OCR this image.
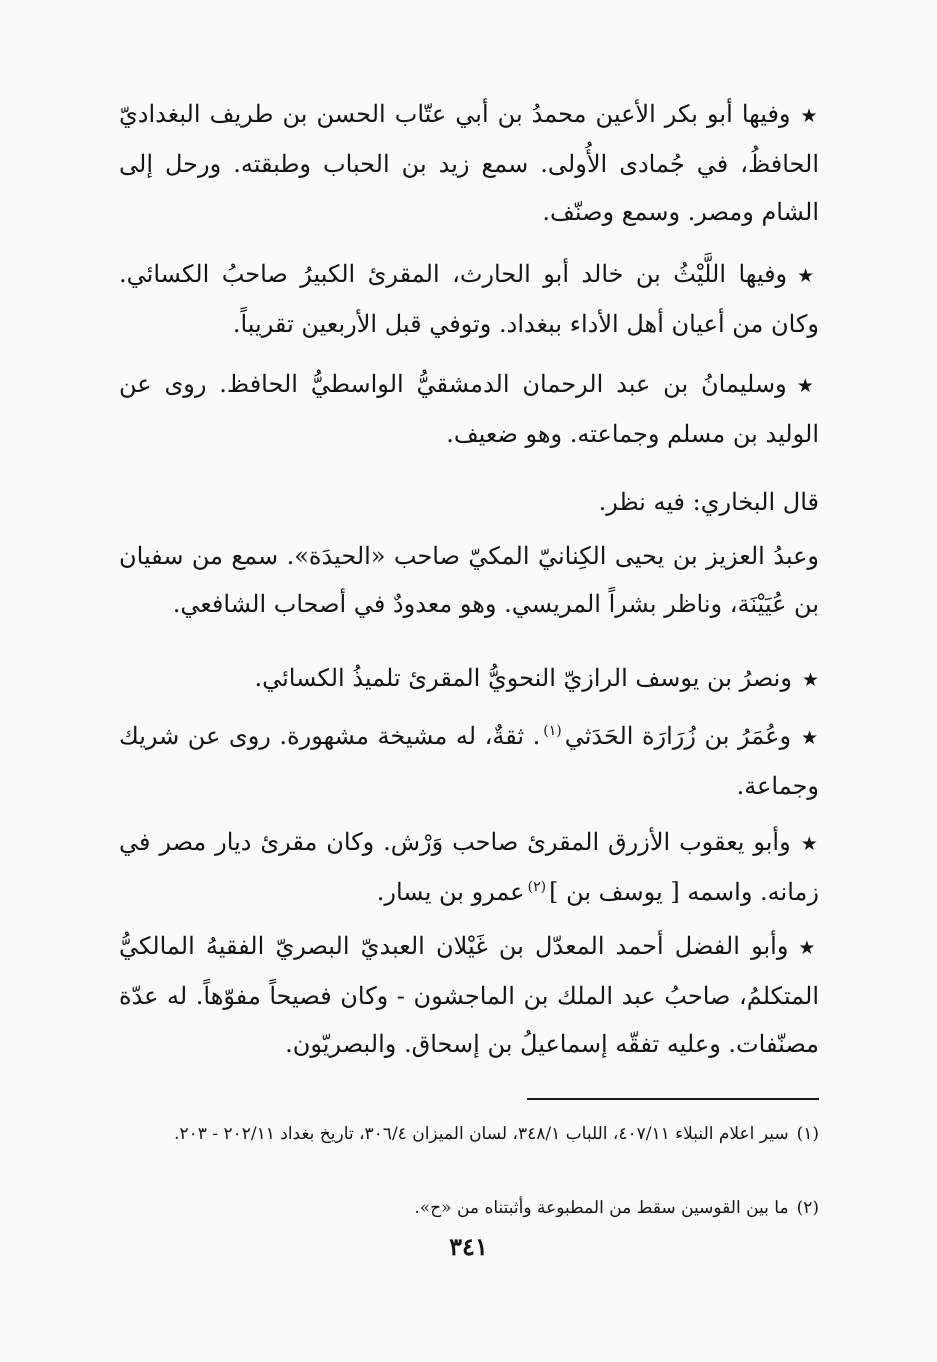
★وفيها أبو بكر الأعين محمدُ بن أبي عتّاب الحسن بن طريف البغداديّ الحافظُ، في جُمادى الأُولى. سمع زيد بن الحباب وطبقته. ورحل إلى الشام ومصر. وسمع وصنّف.

★وفيها اللَّيْثُ بن خالد أبو الحارث، المقرئ الكبيرُ صاحبُ الكسائي. وكان من أعيان أهل الأداء ببغداد. وتوفي قبل الأربعين تقريباً.

★وسليمانُ بن عبد الرحمان الدمشقيُّ الواسطيُّ الحافظ. روى عن الوليد بن مسلم وجماعته. وهو ضعيف.

قال البخاري: فيه نظر.

وعبدُ العزيز بن يحيى الكِنانيّ المكيّ صاحب «الحيدَة». سمع من سفيان بن عُيَيْنَة، وناظر بشراً المريسي. وهو معدودٌ في أصحاب الشافعي.

★ونصرُ بن يوسف الرازيّ النحويُّ المقرئ تلميذُ الكسائي.

★وعُمَرُ بن زُرَارَة الحَدَثي$^{(١)}$. ثقةٌ، له مشيخة مشهورة. روى عن شريك وجماعة.

★وأبو يعقوب الأزرق المقرئ صاحب وَرْش. وكان مقرئ ديار مصر في زمانه. واسمه [ يوسف بن ]$^{(٢)}$عمرو بن يسار.

★وأبو الفضل أحمد المعدّل بن غَيْلان العبديّ البصريّ الفقيهُ المالكيُّ المتكلمُ، صاحبُ عبد الملك بن الماجشون - وكان فصيحاً مفوّهاً. له عدّة مصنّفات. وعليه تفقّه إسماعيلُ بن إسحاق. والبصريّون.

(١)سير اعلام النبلاء ٤٠٧/١١، اللباب ٣٤٨/١، لسان الميزان ٣٠٦/٤، تاريخ بغداد ٢٠٢/١١ - ٢٠٣.

(٢)ما بين القوسين سقط من المطبوعة وأثبتناه من «ح».

٣٤١
